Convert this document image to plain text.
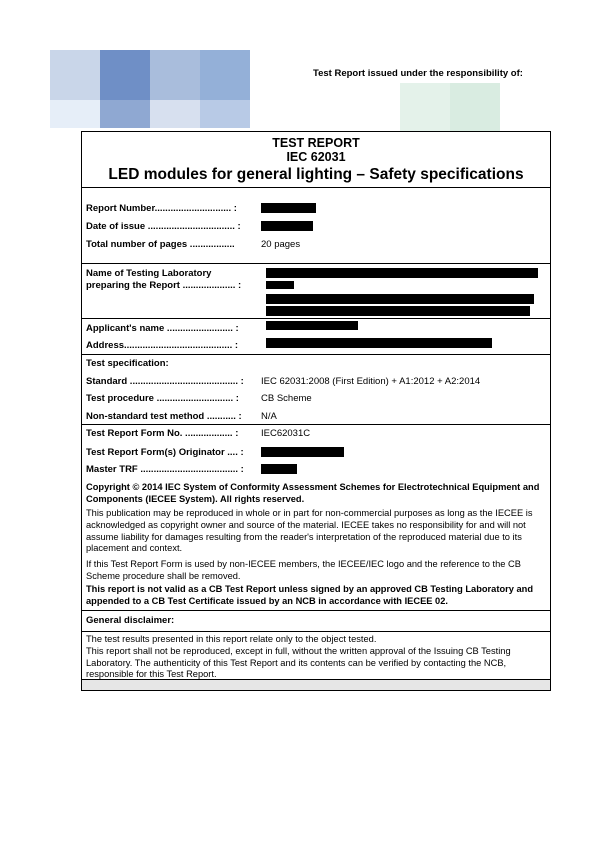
Test Report issued under the responsibility of:
TEST REPORT
IEC 62031
LED modules for general lighting – Safety specifications
Report Number............................. :
Date of issue ................................. :
Total number of pages .................	20 pages
Name of Testing Laboratory
preparing the Report .................... :
Applicant's name ......................... :
Address......................................... :
Test specification:
Standard ......................................... : IEC 62031:2008 (First Edition) + A1:2012 + A2:2014
Test procedure ............................. : CB Scheme
Non-standard test method ........... : N/A
Test Report Form No. .................. : IEC62031C
Test Report Form(s) Originator .... :
Master TRF ..................................... :
Copyright © 2014 IEC System of Conformity Assessment Schemes for Electrotechnical Equipment and Components (IECEE System). All rights reserved.
This publication may be reproduced in whole or in part for non-commercial purposes as long as the IECEE is acknowledged as copyright owner and source of the material. IECEE takes no responsibility for and will not assume liability for damages resulting from the reader's interpretation of the reproduced material due to its placement and context.
If this Test Report Form is used by non-IECEE members, the IECEE/IEC logo and the reference to the CB Scheme procedure shall be removed.
This report is not valid as a CB Test Report unless signed by an approved CB Testing Laboratory and appended to a CB Test Certificate issued by an NCB in accordance with IECEE 02.
General disclaimer:
The test results presented in this report relate only to the object tested.
This report shall not be reproduced, except in full, without the written approval of the Issuing CB Testing Laboratory. The authenticity of this Test Report and its contents can be verified by contacting the NCB, responsible for this Test Report.
